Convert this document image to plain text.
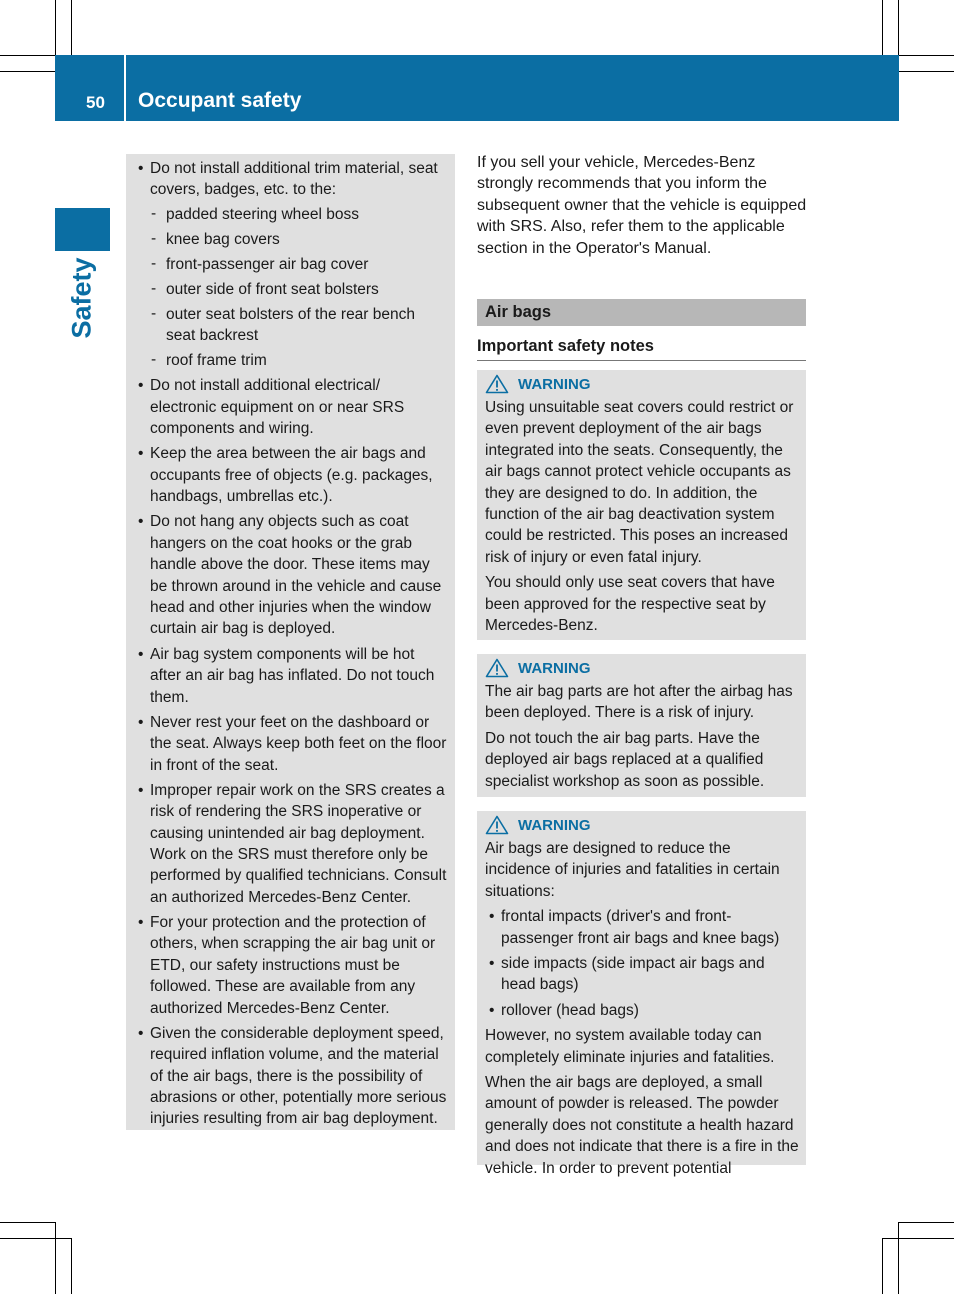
50 Occupant safety
Safety
• Do not install additional trim material, seat covers, badges, etc. to the:
- padded steering wheel boss
- knee bag covers
- front-passenger air bag cover
- outer side of front seat bolsters
- outer seat bolsters of the rear bench seat backrest
- roof frame trim
• Do not install additional electrical/ electronic equipment on or near SRS components and wiring.
• Keep the area between the air bags and occupants free of objects (e.g. packages, handbags, umbrellas etc.).
• Do not hang any objects such as coat hangers on the coat hooks or the grab handle above the door. These items may be thrown around in the vehicle and cause head and other injuries when the window curtain air bag is deployed.
• Air bag system components will be hot after an air bag has inflated. Do not touch them.
• Never rest your feet on the dashboard or the seat. Always keep both feet on the floor in front of the seat.
• Improper repair work on the SRS creates a risk of rendering the SRS inoperative or causing unintended air bag deployment. Work on the SRS must therefore only be performed by qualified technicians. Consult an authorized Mercedes-Benz Center.
• For your protection and the protection of others, when scrapping the air bag unit or ETD, our safety instructions must be followed. These are available from any authorized Mercedes-Benz Center.
• Given the considerable deployment speed, required inflation volume, and the material of the air bags, there is the possibility of abrasions or other, potentially more serious injuries resulting from air bag deployment.

If you sell your vehicle, Mercedes-Benz strongly recommends that you inform the subsequent owner that the vehicle is equipped with SRS. Also, refer them to the applicable section in the Operator's Manual.

Air bags
Important safety notes
WARNING

Using unsuitable seat covers could restrict or even prevent deployment of the air bags integrated into the seats. Consequently, the air bags cannot protect vehicle occupants as they are designed to do. In addition, the function of the air bag deactivation system could be restricted. This poses an increased risk of injury or even fatal injury.

You should only use seat covers that have been approved for the respective seat by Mercedes-Benz.

WARNING

The air bag parts are hot after the airbag has been deployed. There is a risk of injury.

Do not touch the air bag parts. Have the deployed air bags replaced at a qualified specialist workshop as soon as possible.

WARNING

Air bags are designed to reduce the incidence of injuries and fatalities in certain situations:

• frontal impacts (driver's and front-passenger front air bags and knee bags)
• side impacts (side impact air bags and head bags)
• rollover (head bags)

However, no system available today can completely eliminate injuries and fatalities.

When the air bags are deployed, a small amount of powder is released. The powder generally does not constitute a health hazard and does not indicate that there is a fire in the vehicle. In order to prevent potential
